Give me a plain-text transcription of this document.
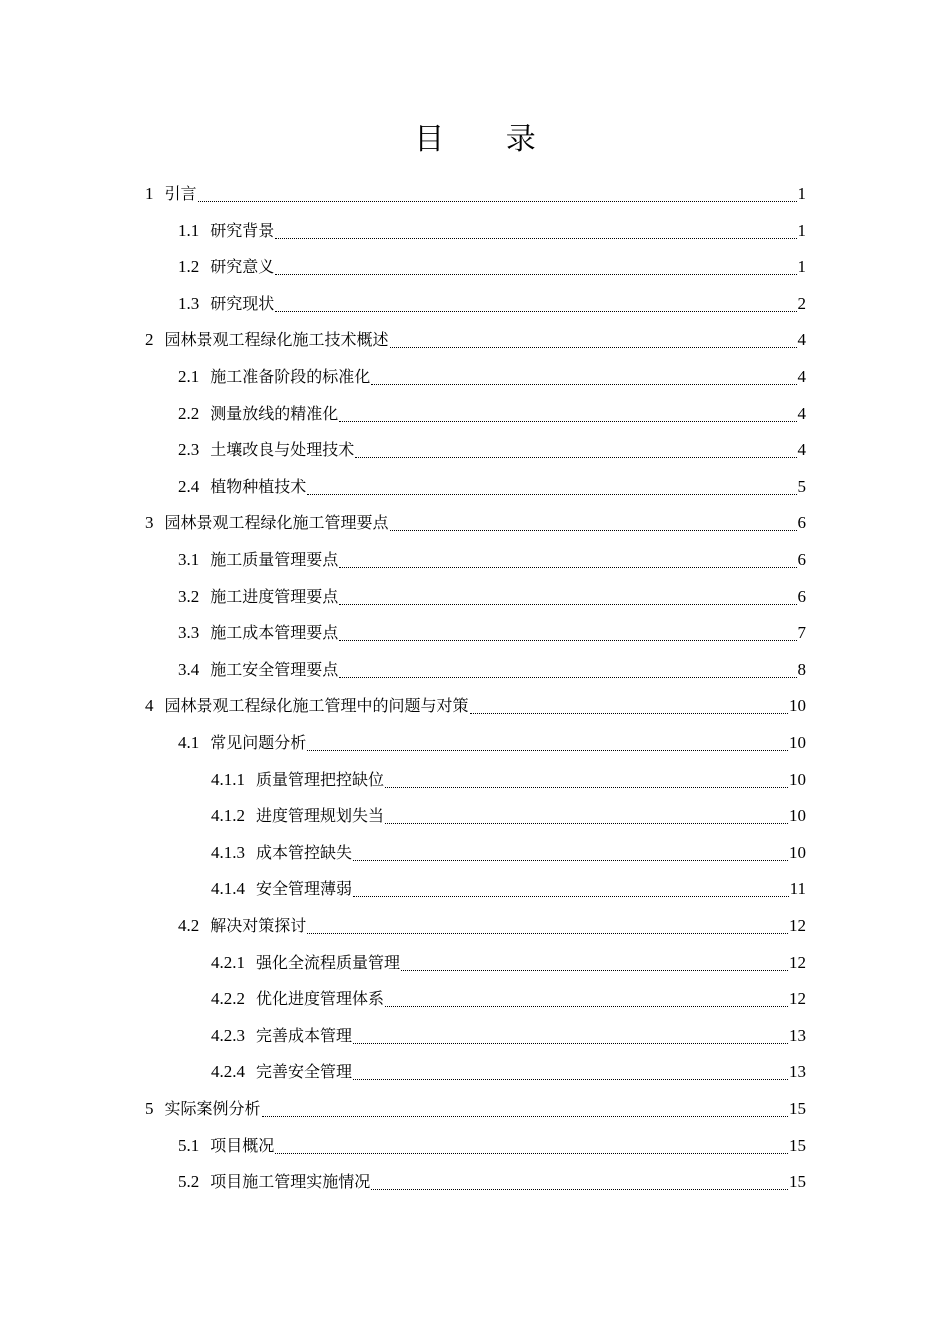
目 录
1 引言	1
1.1 研究背景	1
1.2 研究意义	1
1.3 研究现状	2
2 园林景观工程绿化施工技术概述	4
2.1 施工准备阶段的标准化	4
2.2 测量放线的精准化	4
2.3 土壤改良与处理技术	4
2.4 植物种植技术	5
3 园林景观工程绿化施工管理要点	6
3.1 施工质量管理要点	6
3.2 施工进度管理要点	6
3.3 施工成本管理要点	7
3.4 施工安全管理要点	8
4 园林景观工程绿化施工管理中的问题与对策	10
4.1 常见问题分析	10
4.1.1 质量管理把控缺位	10
4.1.2 进度管理规划失当	10
4.1.3 成本管控缺失	10
4.1.4 安全管理薄弱	11
4.2 解决对策探讨	12
4.2.1 强化全流程质量管理	12
4.2.2 优化进度管理体系	12
4.2.3 完善成本管理	13
4.2.4 完善安全管理	13
5 实际案例分析	15
5.1 项目概况	15
5.2 项目施工管理实施情况	15
